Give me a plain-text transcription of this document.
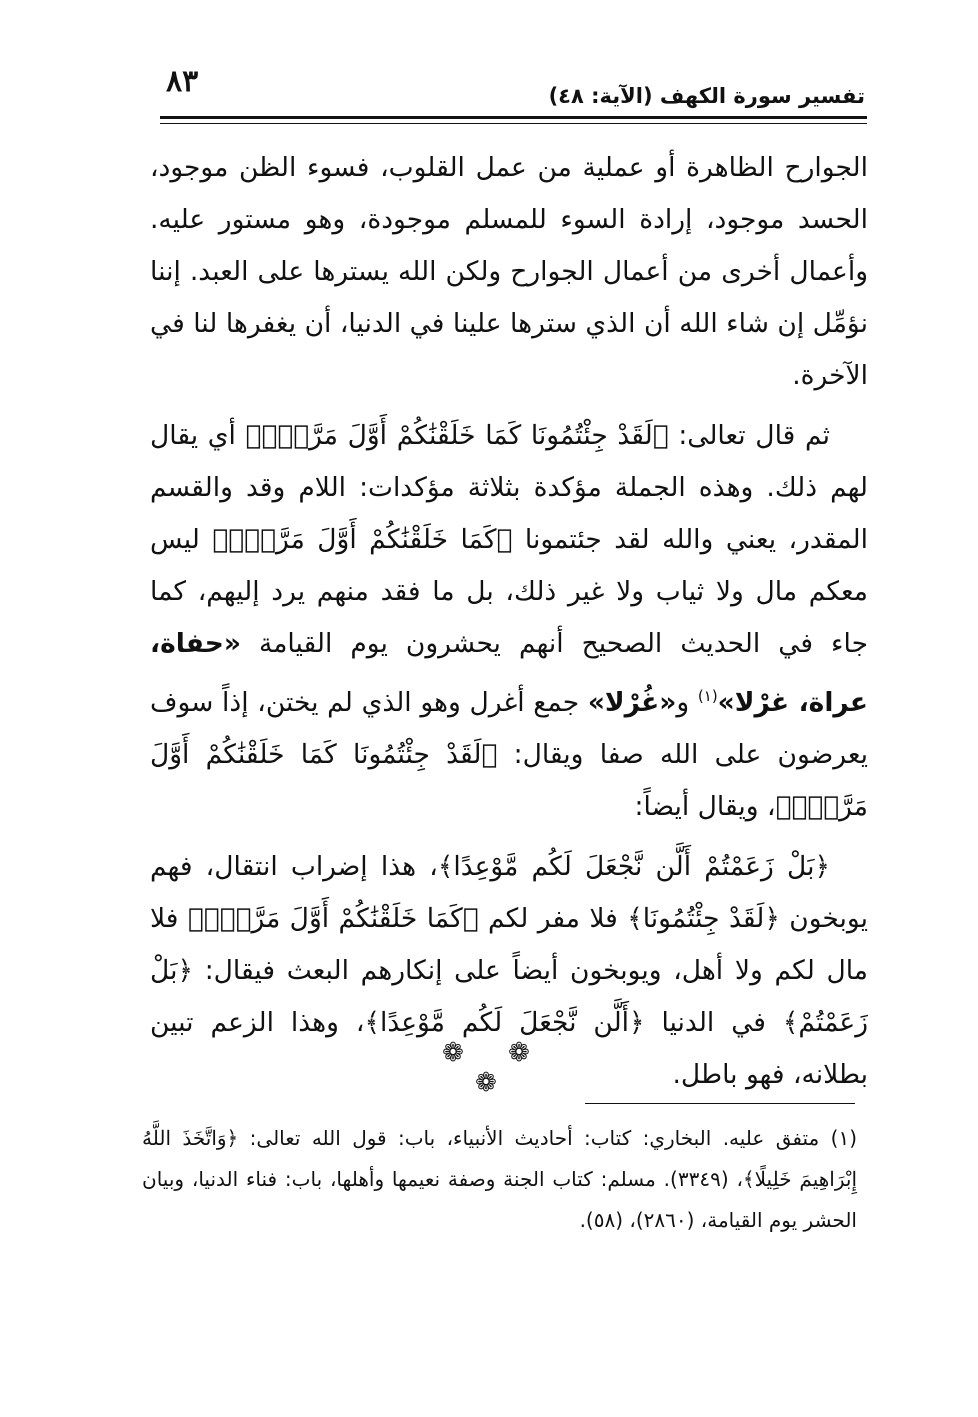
٨٣	تفسير سورة الكهف (الآية: ٤٨)

الجوارح الظاهرة أو عملية من عمل القلوب، فسوء الظن موجود، الحسد موجود، إرادة السوء للمسلم موجودة، وهو مستور عليه. وأعمال أخرى من أعمال الجوارح ولكن الله يسترها على العبد. إننا نؤمِّل إن شاء الله أن الذي سترها علينا في الدنيا، أن يغفرها لنا في الآخرة.

ثم قال تعالى: ﴿لَقَدْ جِئْتُمُونَا كَمَا خَلَقْنَٰكُمْ أَوَّلَ مَرَّةٍۭ﴾ أي يقال لهم ذلك. وهذه الجملة مؤكدة بثلاثة مؤكدات: اللام وقد والقسم المقدر، يعني والله لقد جئتمونا ﴿كَمَا خَلَقْنَٰكُمْ أَوَّلَ مَرَّةٍۭ﴾ ليس معكم مال ولا ثياب ولا غير ذلك، بل ما فقد منهم يرد إليهم، كما جاء في الحديث الصحيح أنهم يحشرون يوم القيامة «حفاة، عراة، غرْلا»$^{(١)}$ و«غُرْلا» جمع أغرل وهو الذي لم يختن، إذاً سوف يعرضون على الله صفا ويقال: ﴿لَقَدْ جِئْتُمُونَا كَمَا خَلَقْنَٰكُمْ أَوَّلَ مَرَّةٍۭ﴾، ويقال أيضاً:

﴿بَلْ زَعَمْتُمْ أَلَّن نَّجْعَلَ لَكُم مَّوْعِدًا﴾، هذا إضراب انتقال، فهم يوبخون ﴿لَقَدْ جِئْتُمُونَا﴾ فلا مفر لكم ﴿كَمَا خَلَقْنَٰكُمْ أَوَّلَ مَرَّةٍۭ﴾ فلا مال لكم ولا أهل، ويوبخون أيضاً على إنكارهم البعث فيقال: ﴿بَلْ زَعَمْتُمْ﴾ في الدنيا ﴿أَلَّن نَّجْعَلَ لَكُم مَّوْعِدًا﴾، وهذا الزعم تبين بطلانه، فهو باطل.

❁ ❁ ❁

(١) متفق عليه. البخاري: كتاب: أحاديث الأنبياء، باب: قول الله تعالى: ﴿وَاتَّخَذَ اللَّهُ إِبْرَاهِيمَ خَلِيلًا﴾، (٣٣٤٩). مسلم: كتاب الجنة وصفة نعيمها وأهلها، باب: فناء الدنيا، وبيان الحشر يوم القيامة، (٢٨٦٠)، (٥٨).
